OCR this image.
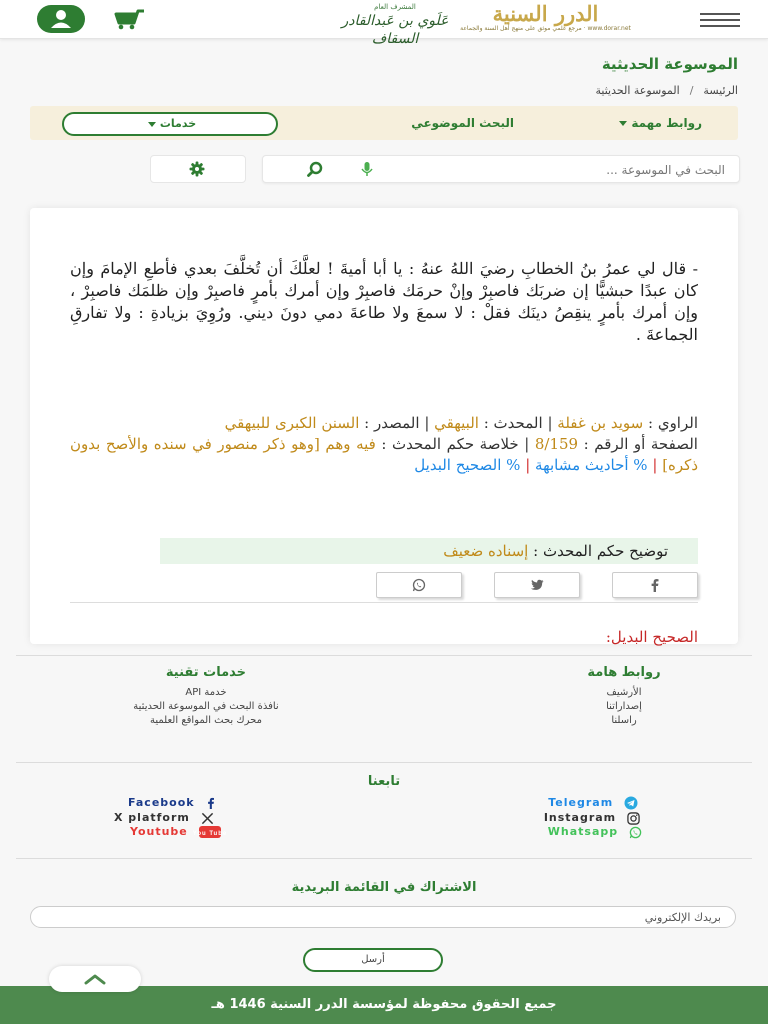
الدرر السنية
www.dorar.net · مرجع علمي موثق على منهج أهل السنة والجماعة
المشرف العام
عَلَوي بن عَبدالقادر السقاف
الموسوعة الحديثية
الرئيسة/الموسوعة الحديثية
روابط مهمة
البحث الموضوعي
خدمات
البحث في الموسوعة ...
- قال لي عمرُ بنُ الخطابِ رضيَ اللهُ عنهُ : يا أبا أميةَ ! لعلَّكَ أن تُخلَّفَ بعدي فأطعِ الإمامَ وإن كان عبدًا حبشيًّا إن ضربَك فاصبِرْ وإنْ حرمَك فاصبِرْ وإن أمرك بأمرٍ فاصبِرْ وإن ظلمَك فاصبِرْ ، وإن أمرك بأمرٍ ينقِصُ دينَك فقلْ : لا سمعَ ولا طاعةَ دمي دونَ ديني. ورُوِيَ بزيادةِ : ولا تفارقِ الجماعةَ .
الراوي : سويد بن غفلة | المحدث : البيهقي | المصدر : السنن الكبرى للبيهقي
الصفحة أو الرقم : 8/159 | خلاصة حكم المحدث : فيه وهم [وهو ذكر منصور في سنده والأصح بدون ذكره] | % أحاديث مشابهة | % الصحيح البديل
توضيح حكم المحدث : إسناده ضعيف
الصحيح البديل:
روابط هامة
الأرشيف
إصداراتنا
راسلنا
خدمات تقنية
خدمة API
نافذة البحث في الموسوعة الحديثية
محرك بحث المواقع العلمية
تابعنا
Telegram
Facebook
Instagram
X platform
Whatsapp
Youtube You Tube
الاشتراك في القائمة البريدية
بريدك الإلكتروني
أرسل
جميع الحقوق محفوظة لمؤسسة الدرر السنية 1446 هـ
